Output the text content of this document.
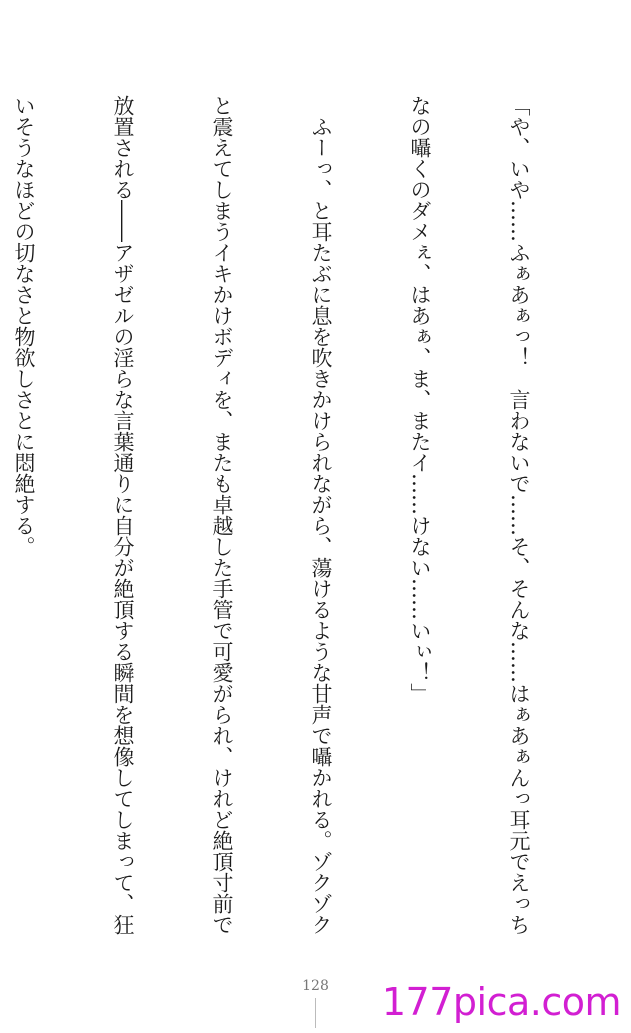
「や、いや……ふぁあぁっ！　言わないで……そ、そんな……はぁあぁんっ耳元でえっち

なの囁くのダメぇ、はあぁ、ま、またイ……けない……いぃ！」

　ふーっ、と耳たぶに息を吹きかけられながら、蕩けるような甘声で囁かれる。ゾクゾク

と震えてしまうイキかけボディを、またも卓越した手管で可愛がられ、けれど絶頂寸前で

放置される――アザゼルの淫らな言葉通りに自分が絶頂する瞬間を想像してしまって、狂

いそうなほどの切なさと物欲しさとに悶絶する。

128	177pica.com
